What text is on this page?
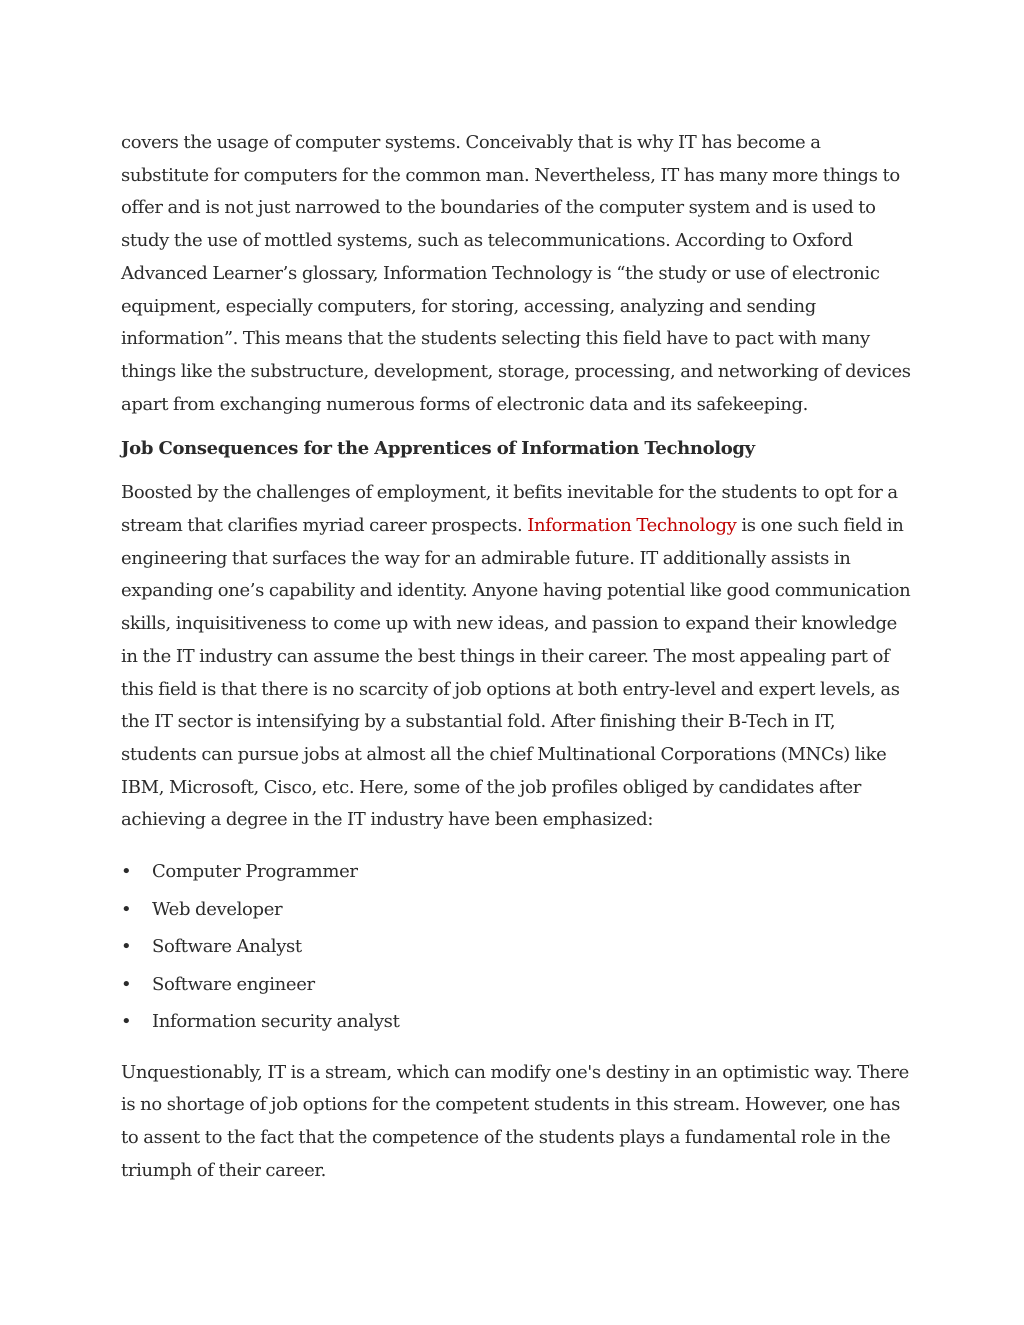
covers the usage of computer systems. Conceivably that is why IT has become a substitute for computers for the common man. Nevertheless, IT has many more things to offer and is not just narrowed to the boundaries of the computer system and is used to study the use of mottled systems, such as telecommunications. According to Oxford Advanced Learner’s glossary, Information Technology is “the study or use of electronic equipment, especially computers, for storing, accessing, analyzing and sending information”. This means that the students selecting this field have to pact with many things like the substructure, development, storage, processing, and networking of devices apart from exchanging numerous forms of electronic data and its safekeeping.

Job Consequences for the Apprentices of Information Technology

Boosted by the challenges of employment, it befits inevitable for the students to opt for a stream that clarifies myriad career prospects. Information Technology is one such field in engineering that surfaces the way for an admirable future. IT additionally assists in expanding one’s capability and identity. Anyone having potential like good communication skills, inquisitiveness to come up with new ideas, and passion to expand their knowledge in the IT industry can assume the best things in their career. The most appealing part of this field is that there is no scarcity of job options at both entry-level and expert levels, as the IT sector is intensifying by a substantial fold. After finishing their B-Tech in IT, students can pursue jobs at almost all the chief Multinational Corporations (MNCs) like IBM, Microsoft, Cisco, etc. Here, some of the job profiles obliged by candidates after achieving a degree in the IT industry have been emphasized:

• Computer Programmer
• Web developer
• Software Analyst
• Software engineer
• Information security analyst

Unquestionably, IT is a stream, which can modify one's destiny in an optimistic way. There is no shortage of job options for the competent students in this stream. However, one has to assent to the fact that the competence of the students plays a fundamental role in the triumph of their career.
